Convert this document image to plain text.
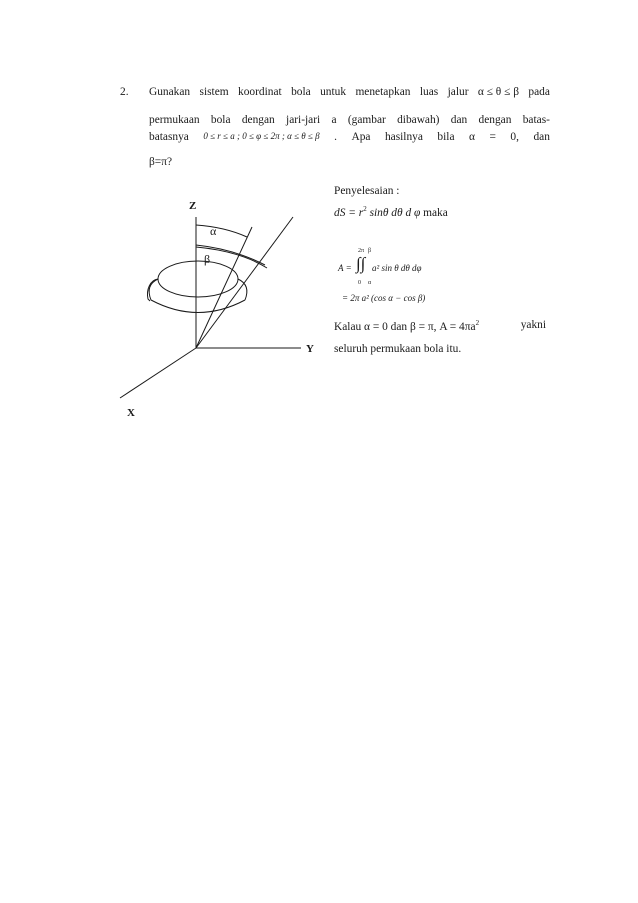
2. Gunakan sistem koordinat bola untuk menetapkan luas jalur α ≤ θ ≤ β pada
permukaan bola dengan jari-jari a (gambar dibawah) dan dengan batas-
batasnya 0 ≤ r ≤ a ; 0 ≤ φ ≤ 2π ; α ≤ θ ≤ β . Apa hasilnya bila α = 0, dan
β=π?
Z
Y
X
α
β
Penyelesaian :
dS = $r^2$ sinθ dθ d φ maka
2π β
A = ∫∫ a² sin θ dθ dφ
0 α
= 2π a² (cos α − cos β)
Kalau α = 0 dan β = π, $A = 4\pi a^2$	yakni
seluruh permukaan bola itu.
